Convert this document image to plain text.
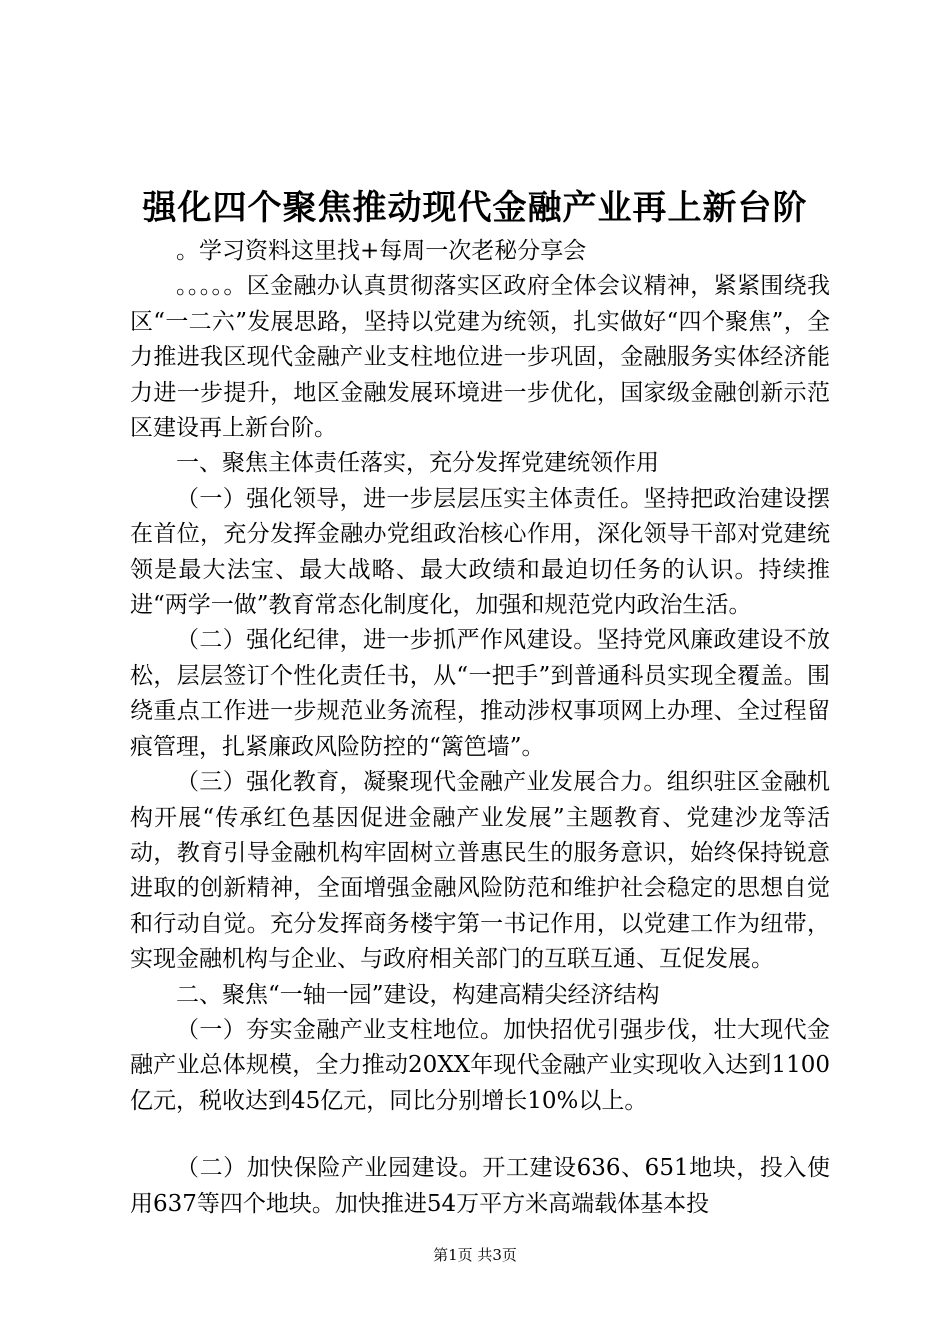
强化四个聚焦推动现代金融产业再上新台阶

。学习资料这里找+每周一次老秘分享会

。。。。。区金融办认真贯彻落实区政府全体会议精神，紧紧围绕我区“一二六”发展思路，坚持以党建为统领，扎实做好“四个聚焦”，全力推进我区现代金融产业支柱地位进一步巩固，金融服务实体经济能力进一步提升，地区金融发展环境进一步优化，国家级金融创新示范区建设再上新台阶。

一、聚焦主体责任落实，充分发挥党建统领作用

（一）强化领导，进一步层层压实主体责任。坚持把政治建设摆在首位，充分发挥金融办党组政治核心作用，深化领导干部对党建统领是最大法宝、最大战略、最大政绩和最迫切任务的认识。持续推进“两学一做”教育常态化制度化，加强和规范党内政治生活。

（二）强化纪律，进一步抓严作风建设。坚持党风廉政建设不放松，层层签订个性化责任书，从“一把手”到普通科员实现全覆盖。围绕重点工作进一步规范业务流程，推动涉权事项网上办理、全过程留痕管理，扎紧廉政风险防控的“篱笆墙”。

（三）强化教育，凝聚现代金融产业发展合力。组织驻区金融机构开展“传承红色基因促进金融产业发展”主题教育、党建沙龙等活动，教育引导金融机构牢固树立普惠民生的服务意识，始终保持锐意进取的创新精神，全面增强金融风险防范和维护社会稳定的思想自觉和行动自觉。充分发挥商务楼宇第一书记作用，以党建工作为纽带，实现金融机构与企业、与政府相关部门的互联互通、互促发展。

二、聚焦“一轴一园”建设，构建高精尖经济结构

（一）夯实金融产业支柱地位。加快招优引强步伐，壮大现代金融产业总体规模，全力推动20XX年现代金融产业实现收入达到1100亿元，税收达到45亿元，同比分别增长10%以上。

（二）加快保险产业园建设。开工建设636、651地块，投入使用637等四个地块。加快推进54万平方米高端载体基本投

第1页 共3页
